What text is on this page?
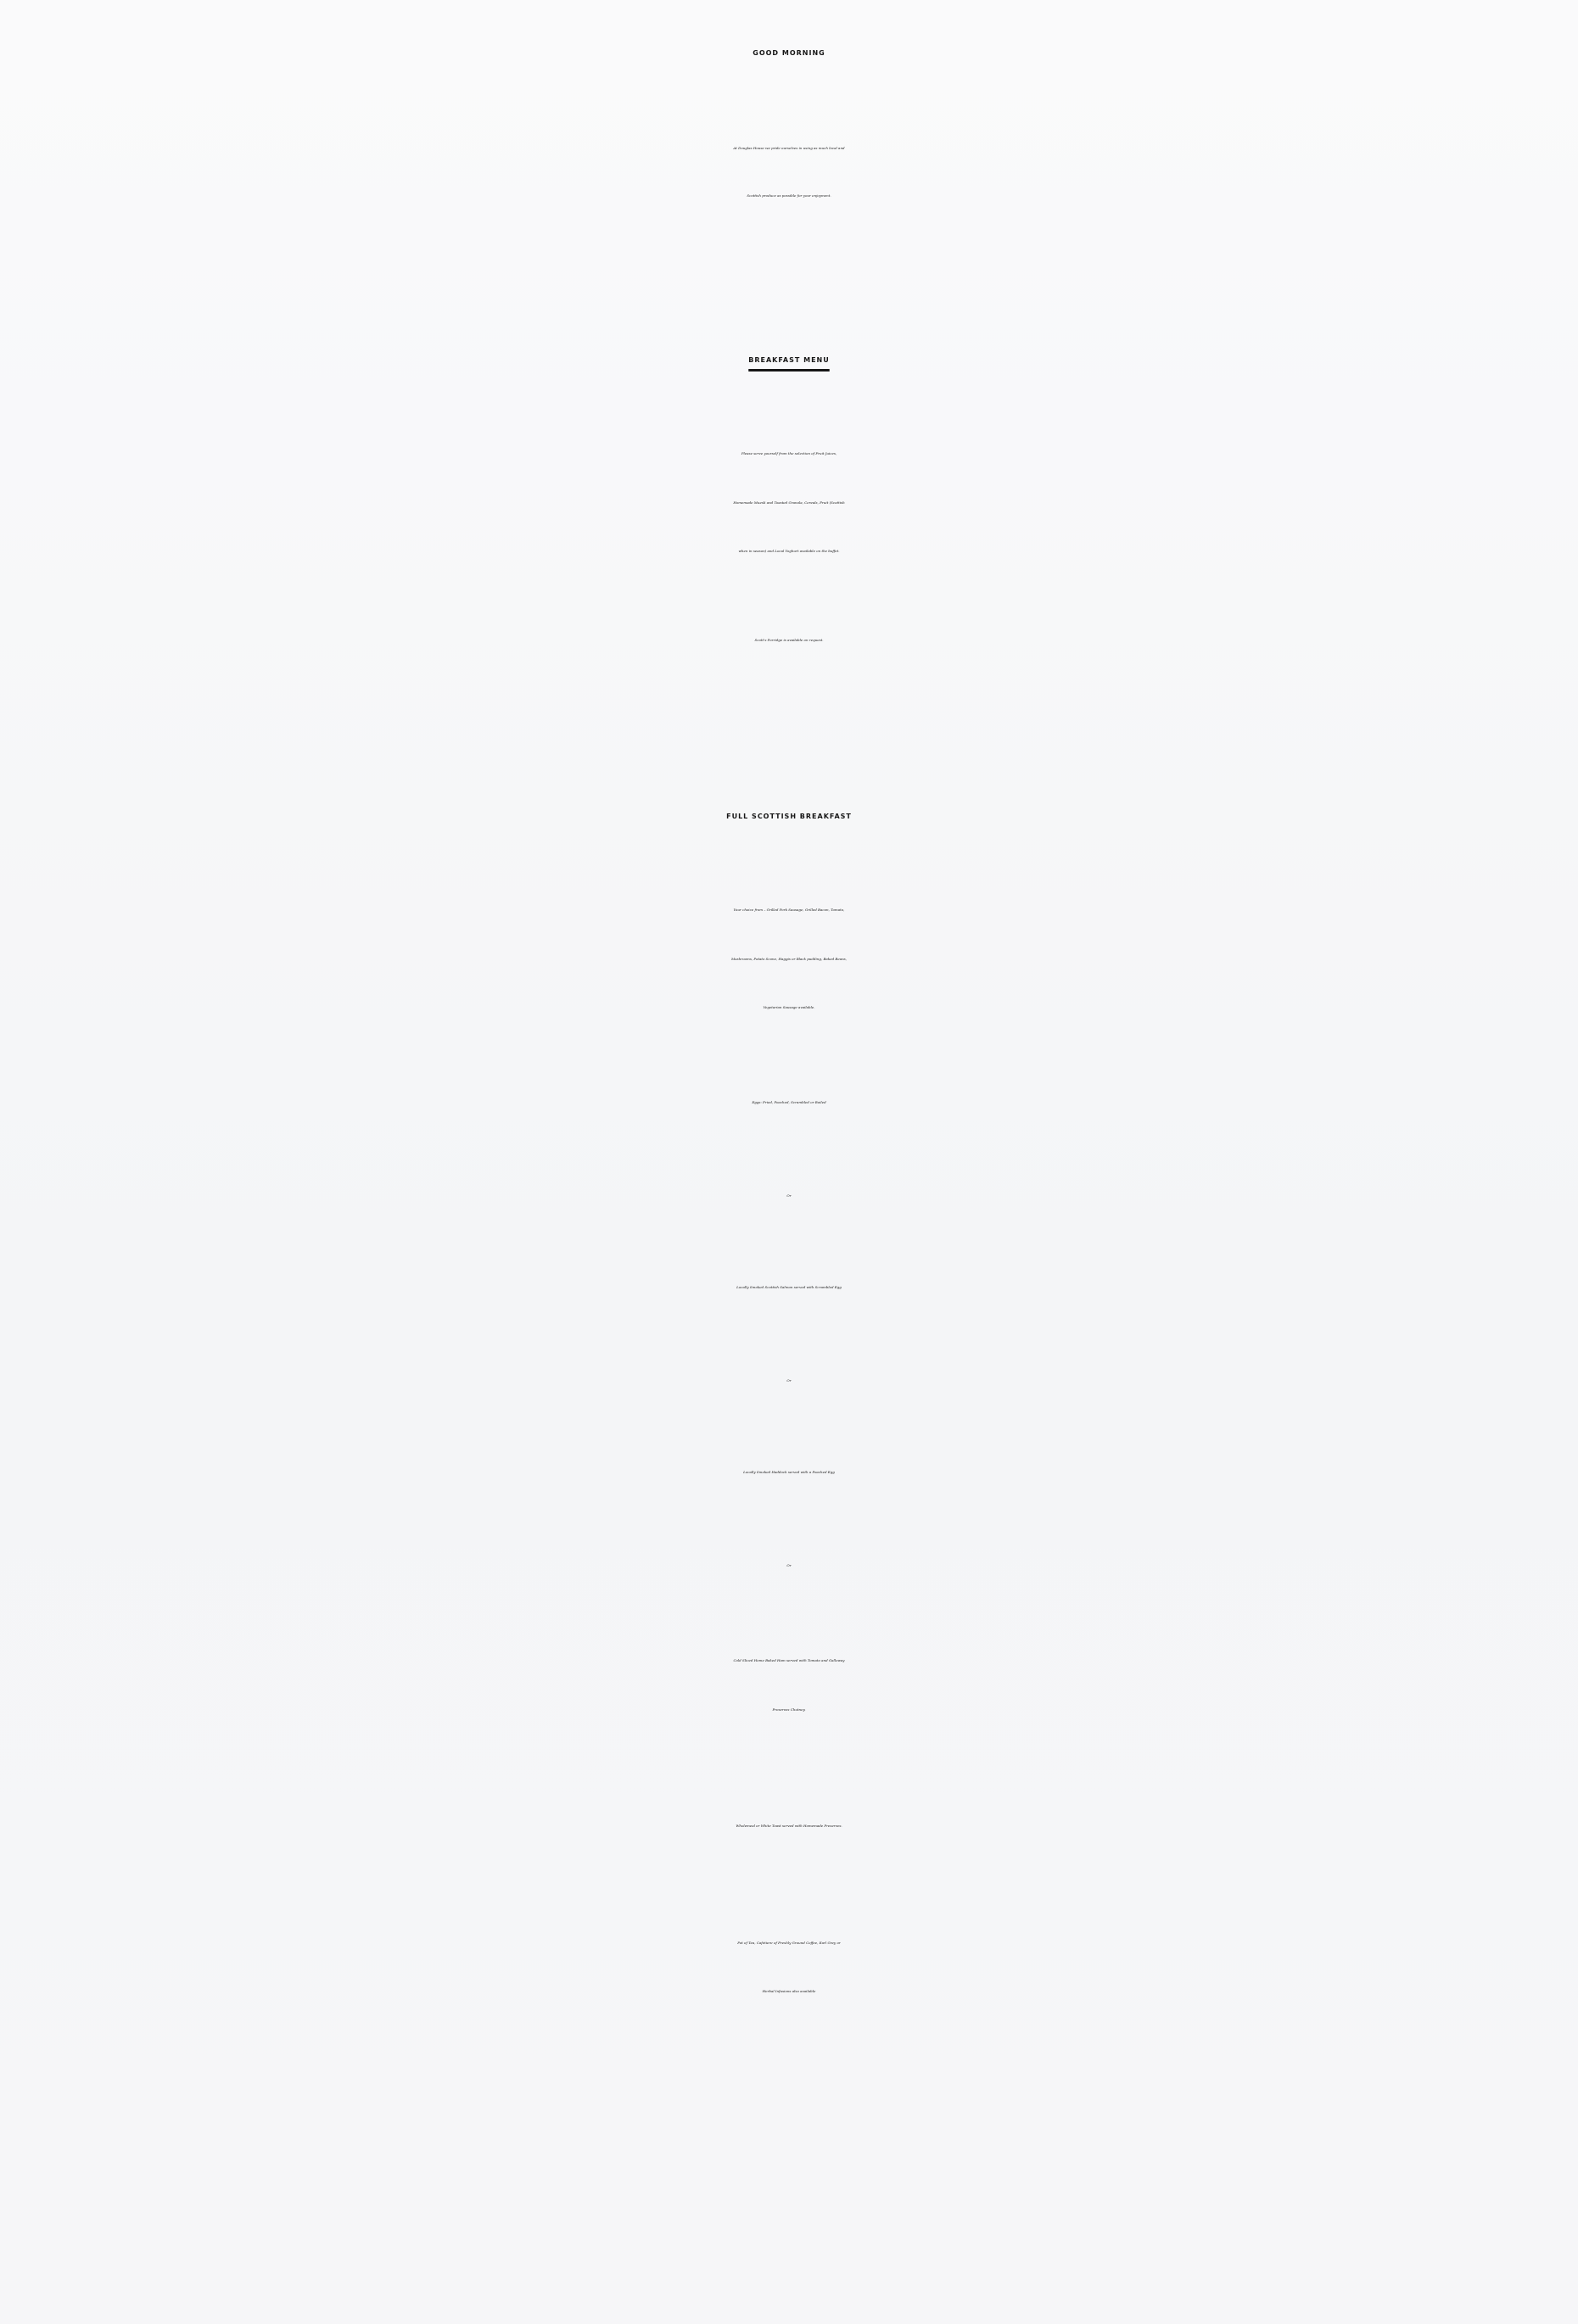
GOOD MORNING
At Douglas House we pride ourselves in using as much local and
Scottish produce as possible for your enjoyment.
BREAKFAST MENU
Please serve yourself from the selection of Fruit Juices,
Homemade Muesli and Toasted Granola, Cereals, Fruit (Scottish
when in season) and Local Yoghurt available on the buffet.
Scott’s Porridge is available on request.
FULL SCOTTISH BREAKFAST
Your choice from – Grilled Pork Sausage, Grilled Bacon, Tomato,
Mushrooms, Potato Scone, Haggis or Black pudding, Baked Beans,
Vegetarian Sausage available.
Eggs: Fried, Poached, Scrambled or Boiled
Or
Locally Smoked Scottish Salmon served with Scrambled Egg
Or
Locally Smoked Haddock served with a Poached Egg
Or
Cold Sliced Home Baked Ham served with Tomato and Galloway
Preserves Chutney.
Wholemeal or White Toast served with Homemade Preserves.
Pot of Tea, Cafetiere of Freshly Ground Coffee, Earl Grey or
Herbal Infusions also available
